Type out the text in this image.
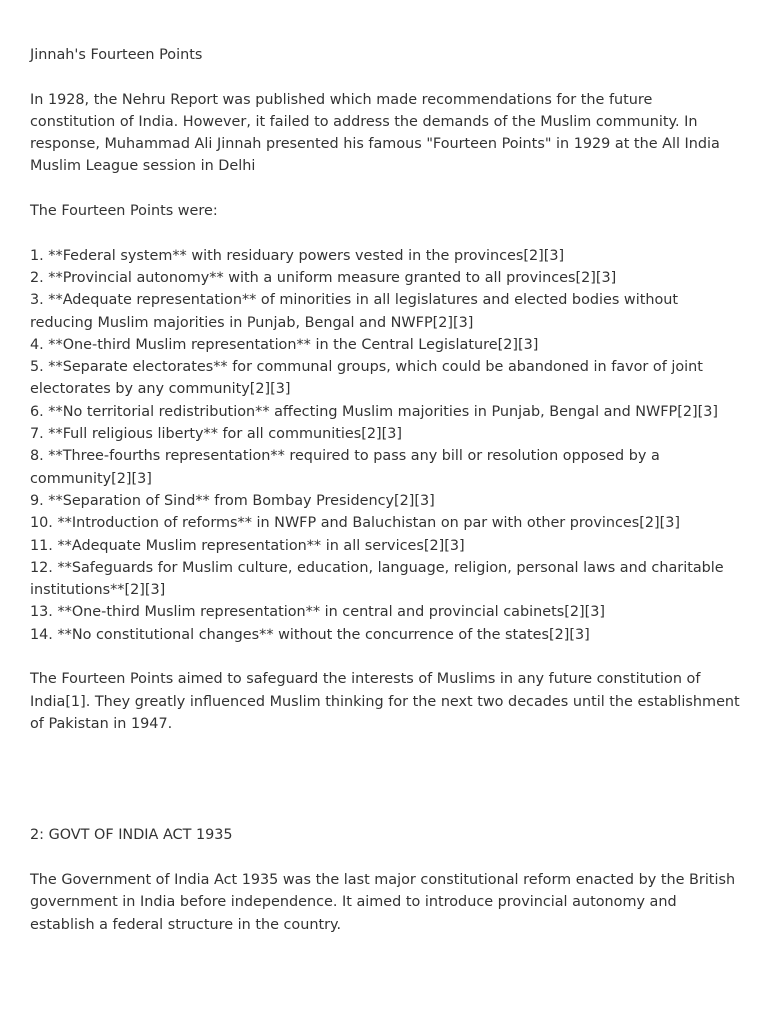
Jinnah's Fourteen Points

In 1928, the Nehru Report was published which made recommendations for the future constitution of India. However, it failed to address the demands of the Muslim community. In response, Muhammad Ali Jinnah presented his famous "Fourteen Points" in 1929 at the All India Muslim League session in Delhi

The Fourteen Points were:

1. **Federal system** with residuary powers vested in the provinces[2][3]
2. **Provincial autonomy** with a uniform measure granted to all provinces[2][3]
3. **Adequate representation** of minorities in all legislatures and elected bodies without reducing Muslim majorities in Punjab, Bengal and NWFP[2][3]
4. **One-third Muslim representation** in the Central Legislature[2][3]
5. **Separate electorates** for communal groups, which could be abandoned in favor of joint electorates by any community[2][3]
6. **No territorial redistribution** affecting Muslim majorities in Punjab, Bengal and NWFP[2][3]
7. **Full religious liberty** for all communities[2][3]
8. **Three-fourths representation** required to pass any bill or resolution opposed by a community[2][3]
9. **Separation of Sind** from Bombay Presidency[2][3]
10. **Introduction of reforms** in NWFP and Baluchistan on par with other provinces[2][3]
11. **Adequate Muslim representation** in all services[2][3]
12. **Safeguards for Muslim culture, education, language, religion, personal laws and charitable institutions**[2][3]
13. **One-third Muslim representation** in central and provincial cabinets[2][3]
14. **No constitutional changes** without the concurrence of the states[2][3]

The Fourteen Points aimed to safeguard the interests of Muslims in any future constitution of India[1]. They greatly influenced Muslim thinking for the next two decades until the establishment of Pakistan in 1947.

2: GOVT OF INDIA ACT 1935

The Government of India Act 1935 was the last major constitutional reform enacted by the British government in India before independence. It aimed to introduce provincial autonomy and establish a federal structure in the country.
